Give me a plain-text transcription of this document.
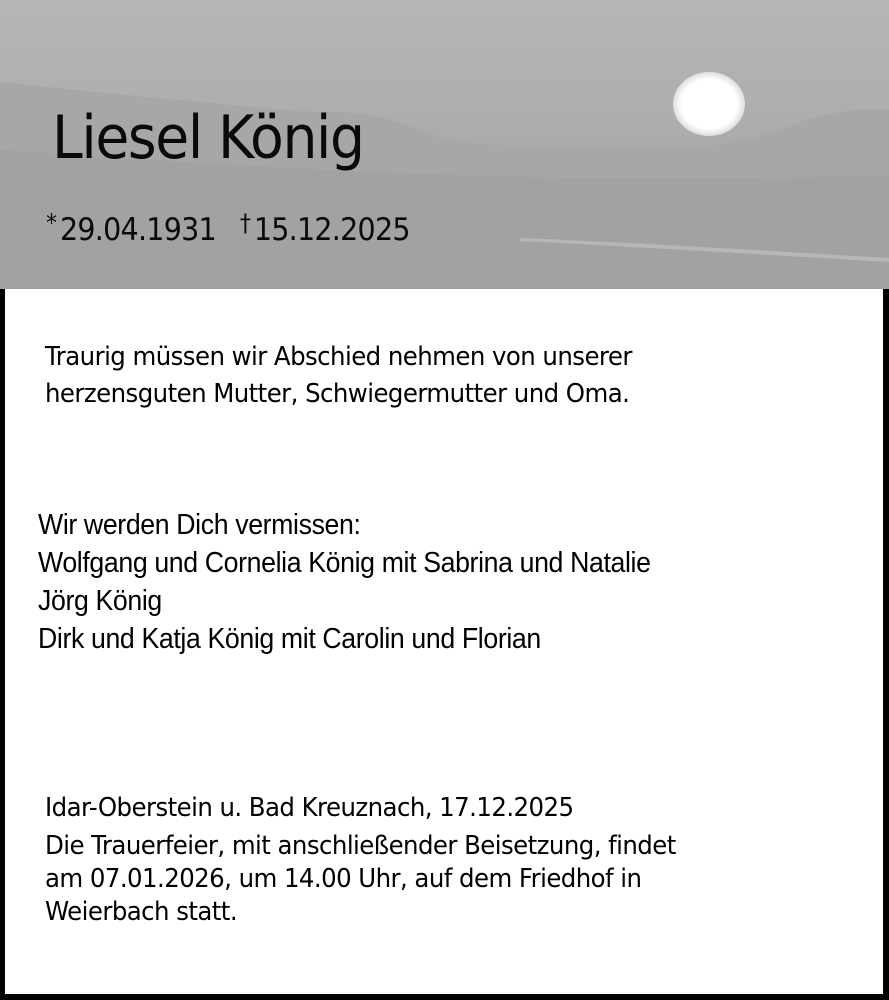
Liesel König
* 29.04.1931 † 15.12.2025
Traurig müssen wir Abschied nehmen von unserer
herzensguten Mutter, Schwiegermutter und Oma.
Wir werden Dich vermissen:
Wolfgang und Cornelia König mit Sabrina und Natalie
Jörg König
Dirk und Katja König mit Carolin und Florian
Idar-Oberstein u. Bad Kreuznach, 17.12.2025
Die Trauerfeier, mit anschließender Beisetzung, findet
am 07.01.2026, um 14.00 Uhr, auf dem Friedhof in
Weierbach statt.
